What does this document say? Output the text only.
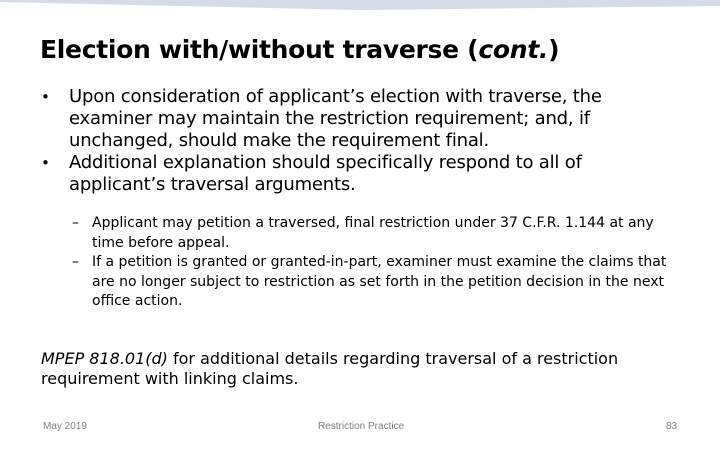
Election with/without traverse (cont.)
• Upon consideration of applicant’s election with traverse, the examiner may maintain the restriction requirement; and, if unchanged, should make the requirement final.
• Additional explanation should specifically respond to all of applicant’s traversal arguments.
– Applicant may petition a traversed, final restriction under 37 C.F.R. 1.144 at any time before appeal.
– If a petition is granted or granted-in-part, examiner must examine the claims that are no longer subject to restriction as set forth in the petition decision in the next office action.
MPEP 818.01(d) for additional details regarding traversal of a restriction requirement with linking claims.
May 2019	Restriction Practice	83
